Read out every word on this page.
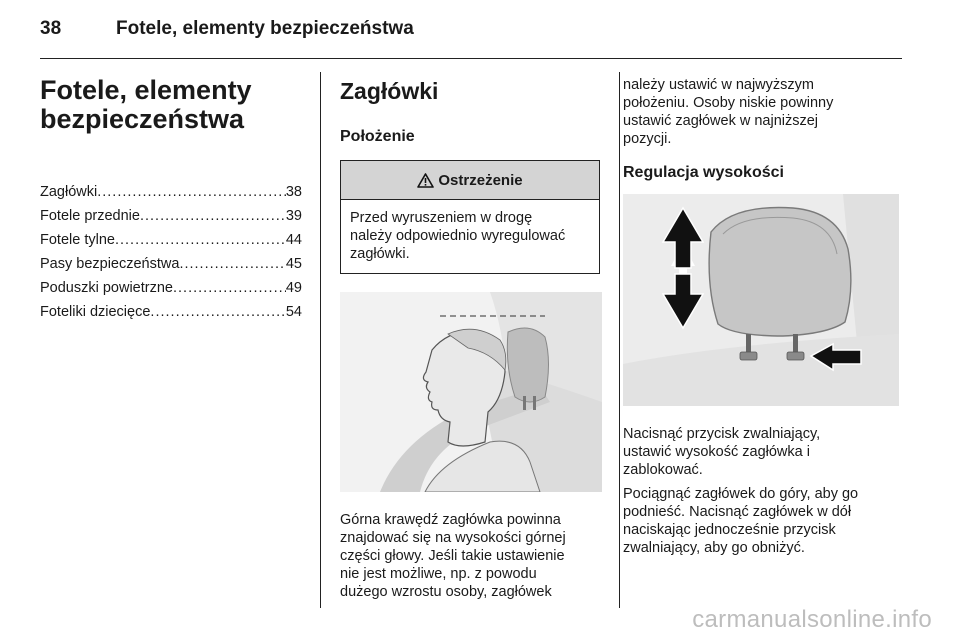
38	Fotele, elementy bezpieczeństwa
Fotele, elementy
bezpieczeństwa
Zagłówki .....	38
Fotele przednie .....	39
Fotele tylne .....	44
Pasy bezpieczeństwa .....	45
Poduszki powietrzne .....	49
Foteliki dziecięce .....	54
Zagłówki
Położenie
Ostrzeżenie
Przed wyruszeniem w drogę
należy odpowiednio wyregulować
zagłówki.

Górna krawędź zagłówka powinna
znajdować się na wysokości górnej
części głowy. Jeśli takie ustawienie
nie jest możliwe, np. z powodu
dużego wzrostu osoby, zagłówek

należy ustawić w najwyższym
położeniu. Osoby niskie powinny
ustawić zagłówek w najniższej
pozycji.

Regulacja wysokości

Nacisnąć przycisk zwalniający,
ustawić wysokość zagłówka i
zablokować.

Pociągnąć zagłówek do góry, aby go
podnieść. Nacisnąć zagłówek w dół
naciskając jednocześnie przycisk
zwalniający, aby go obniżyć.

carmanualsonline.info
